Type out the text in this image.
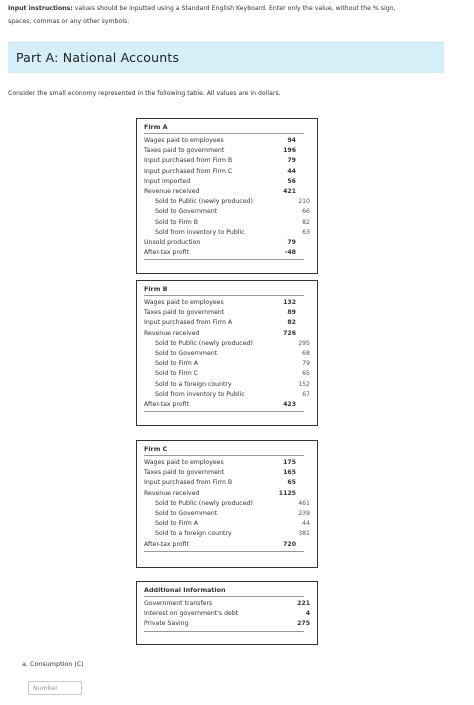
Input instructions: values should be inputted using a Standard English Keyboard. Enter only the value, without the % sign,
spaces, commas or any other symbols.
Part A: National Accounts
Consider the small economy represented in the following table. All values are in dollars.
Firm A
Wages paid to employees	94
Taxes paid to government	196
Input purchased from Firm B	79
Input purchased from Firm C	44
Input imported	56
Revenue received	421
Sold to Public (newly produced)	210
Sold to Government	66
Sold to Firm B	82
Sold from inventory to Public	63
Unsold production	79
After-tax profit	-48
Firm B
Wages paid to employees	132
Taxes paid to government	89
Input purchased from Firm A	82
Revenue received	726
Sold to Public (newly produced)	295
Sold to Government	68
Sold to Firm A	79
Sold to Firm C	65
Sold to a foreign country	152
Sold from inventory to Public	67
After-tax profit	423
Firm C
Wages paid to employees	175
Taxes paid to government	165
Input purchased from Firm B	65
Revenue received	1125
Sold to Public (newly produced)	461
Sold to Government	239
Sold to Firm A	44
Sold to a foreign country	381
After-tax profit	720
Additional Information
Government transfers	221
Interest on government's debt	4
Private Saving	275
a. Consumption (C)
Number
